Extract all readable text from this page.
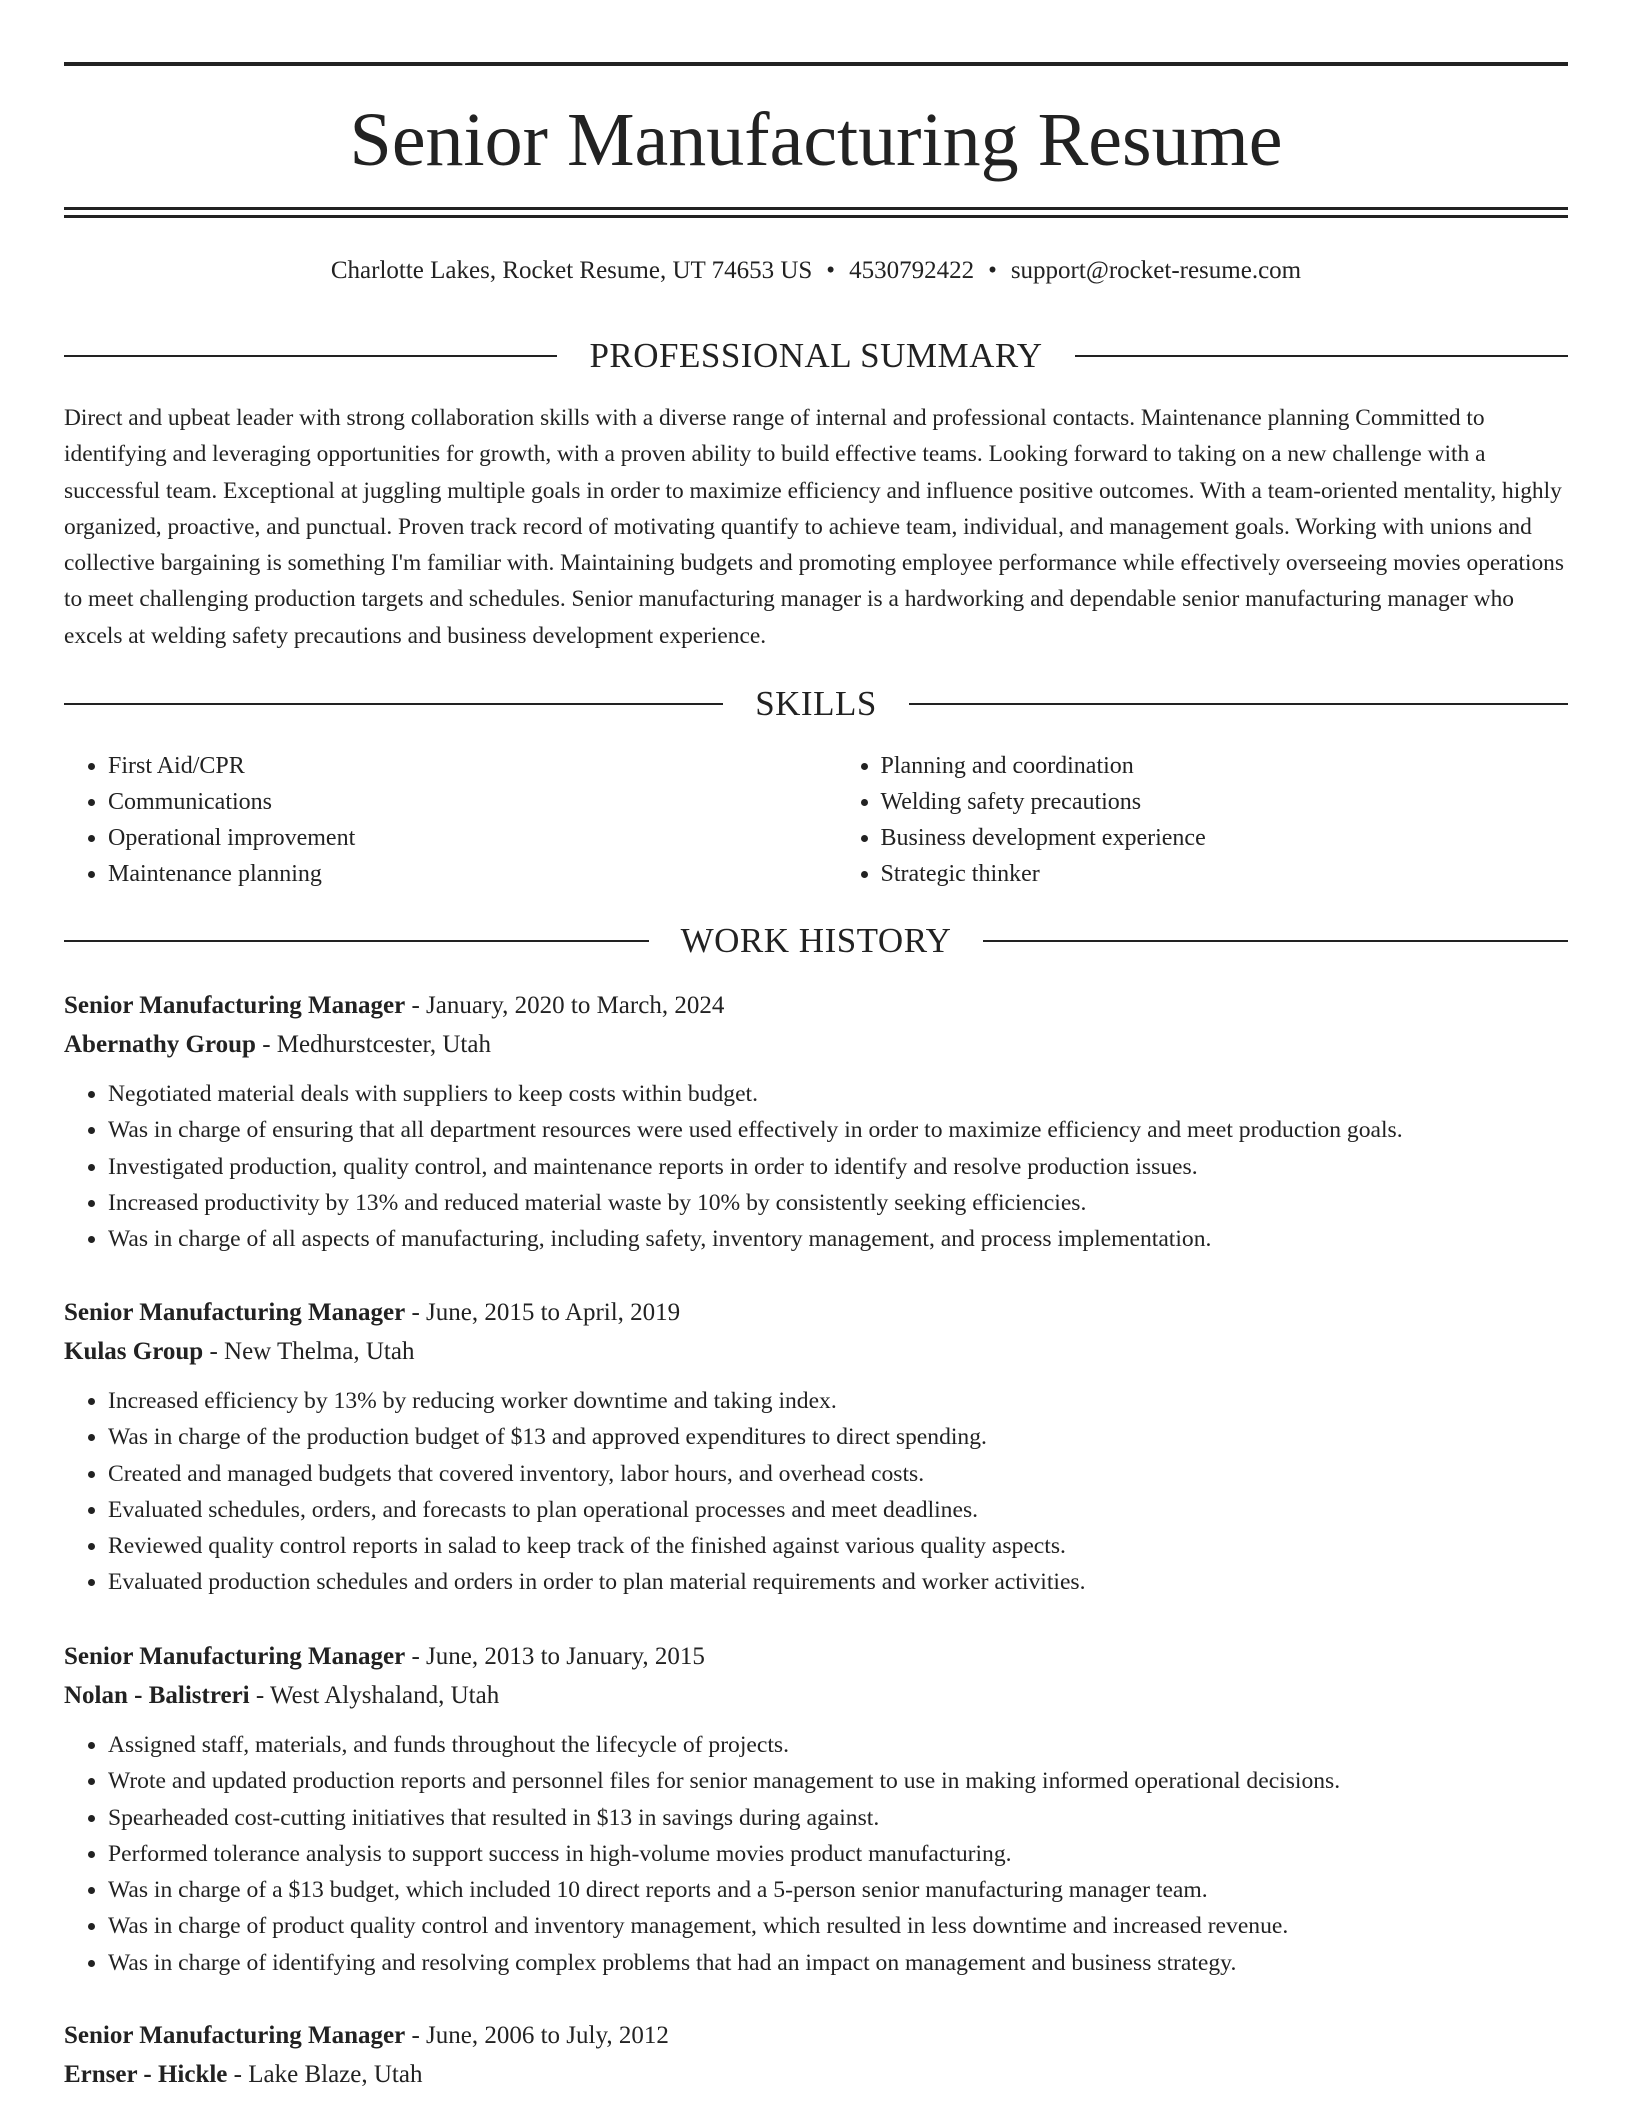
Senior Manufacturing Resume
Charlotte Lakes, Rocket Resume, UT 74653 US • 4530792422 • support@rocket-resume.com
PROFESSIONAL SUMMARY

Direct and upbeat leader with strong collaboration skills with a diverse range of internal and professional contacts. Maintenance planning Committed to identifying and leveraging opportunities for growth, with a proven ability to build effective teams. Looking forward to taking on a new challenge with a successful team. Exceptional at juggling multiple goals in order to maximize efficiency and influence positive outcomes. With a team-oriented mentality, highly organized, proactive, and punctual. Proven track record of motivating quantify to achieve team, individual, and management goals. Working with unions and collective bargaining is something I'm familiar with. Maintaining budgets and promoting employee performance while effectively overseeing movies operations to meet challenging production targets and schedules. Senior manufacturing manager is a hardworking and dependable senior manufacturing manager who excels at welding safety precautions and business development experience.

SKILLS
• First Aid/CPR
• Communications
• Operational improvement
• Maintenance planning
• Planning and coordination
• Welding safety precautions
• Business development experience
• Strategic thinker
WORK HISTORY
Senior Manufacturing Manager - January, 2020 to March, 2024
Abernathy Group - Medhurstcester, Utah
• Negotiated material deals with suppliers to keep costs within budget.
• Was in charge of ensuring that all department resources were used effectively in order to maximize efficiency and meet production goals.
• Investigated production, quality control, and maintenance reports in order to identify and resolve production issues.
• Increased productivity by 13% and reduced material waste by 10% by consistently seeking efficiencies.
• Was in charge of all aspects of manufacturing, including safety, inventory management, and process implementation.
Senior Manufacturing Manager - June, 2015 to April, 2019
Kulas Group - New Thelma, Utah
• Increased efficiency by 13% by reducing worker downtime and taking index.
• Was in charge of the production budget of $13 and approved expenditures to direct spending.
• Created and managed budgets that covered inventory, labor hours, and overhead costs.
• Evaluated schedules, orders, and forecasts to plan operational processes and meet deadlines.
• Reviewed quality control reports in salad to keep track of the finished against various quality aspects.
• Evaluated production schedules and orders in order to plan material requirements and worker activities.
Senior Manufacturing Manager - June, 2013 to January, 2015
Nolan - Balistreri - West Alyshaland, Utah
• Assigned staff, materials, and funds throughout the lifecycle of projects.
• Wrote and updated production reports and personnel files for senior management to use in making informed operational decisions.
• Spearheaded cost-cutting initiatives that resulted in $13 in savings during against.
• Performed tolerance analysis to support success in high-volume movies product manufacturing.
• Was in charge of a $13 budget, which included 10 direct reports and a 5-person senior manufacturing manager team.
• Was in charge of product quality control and inventory management, which resulted in less downtime and increased revenue.
• Was in charge of identifying and resolving complex problems that had an impact on management and business strategy.
Senior Manufacturing Manager - June, 2006 to July, 2012
Ernser - Hickle - Lake Blaze, Utah
